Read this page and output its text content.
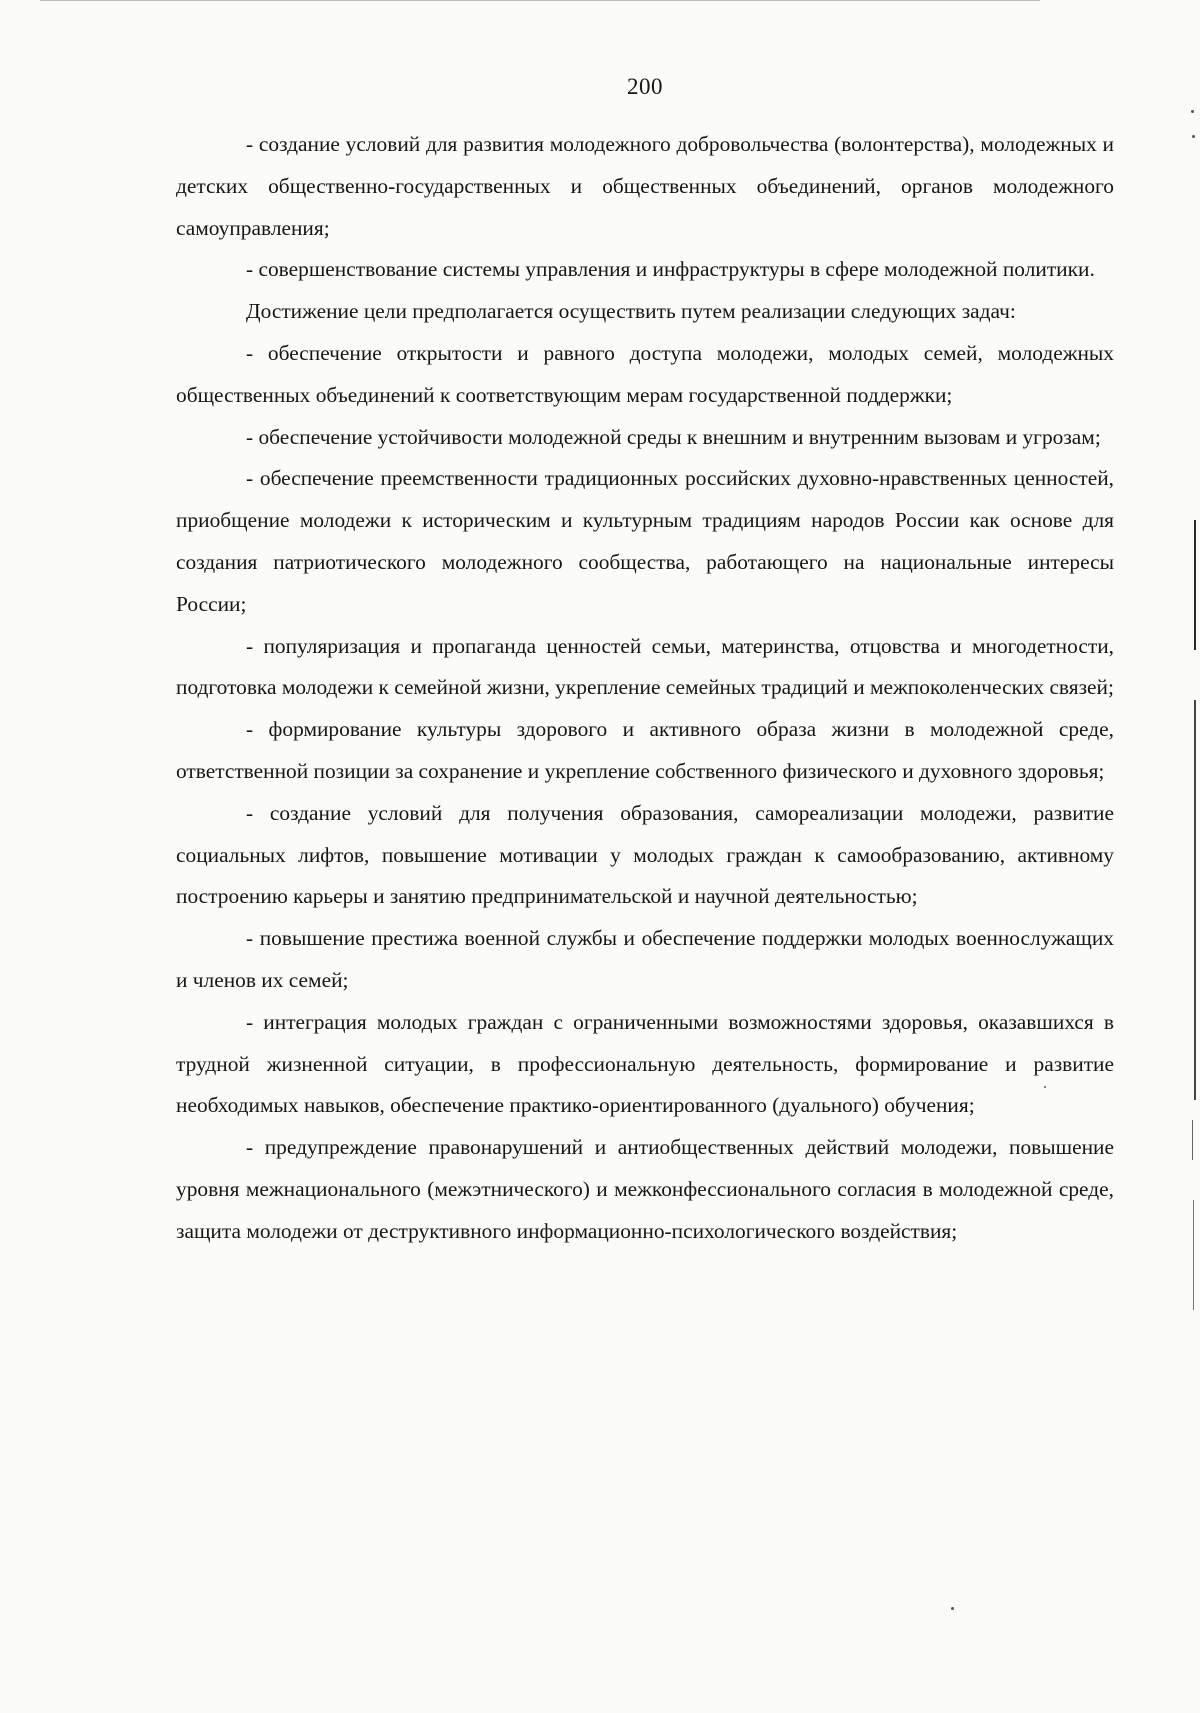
200

- создание условий для развития молодежного добровольчества (волонтерства), молодежных и детских общественно-государственных и общественных объединений, органов молодежного самоуправления;

- совершенствование системы управления и инфраструктуры в сфере молодежной политики.

Достижение цели предполагается осуществить путем реализации следующих задач:

- обеспечение открытости и равного доступа молодежи, молодых семей, молодежных общественных объединений к соответствующим мерам государственной поддержки;

- обеспечение устойчивости молодежной среды к внешним и внутренним вызовам и угрозам;

- обеспечение преемственности традиционных российских духовно-нравственных ценностей, приобщение молодежи к историческим и культурным традициям народов России как основе для создания патриотического молодежного сообщества, работающего на национальные интересы России;

- популяризация и пропаганда ценностей семьи, материнства, отцовства и многодетности, подготовка молодежи к семейной жизни, укрепление семейных традиций и межпоколенческих связей;

- формирование культуры здорового и активного образа жизни в молодежной среде, ответственной позиции за сохранение и укрепление собственного физического и духовного здоровья;

- создание условий для получения образования, самореализации молодежи, развитие социальных лифтов, повышение мотивации у молодых граждан к самообразованию, активному построению карьеры и занятию предпринимательской и научной деятельностью;

- повышение престижа военной службы и обеспечение поддержки молодых военнослужащих и членов их семей;

- интеграция молодых граждан с ограниченными возможностями здоровья, оказавшихся в трудной жизненной ситуации, в профессиональную деятельность, формирование и развитие необходимых навыков, обеспечение практико-ориентированного (дуального) обучения;

- предупреждение правонарушений и антиобщественных действий молодежи, повышение уровня межнационального (межэтнического) и межконфессионального согласия в молодежной среде, защита молодежи от деструктивного информационно-психологического воздействия;
